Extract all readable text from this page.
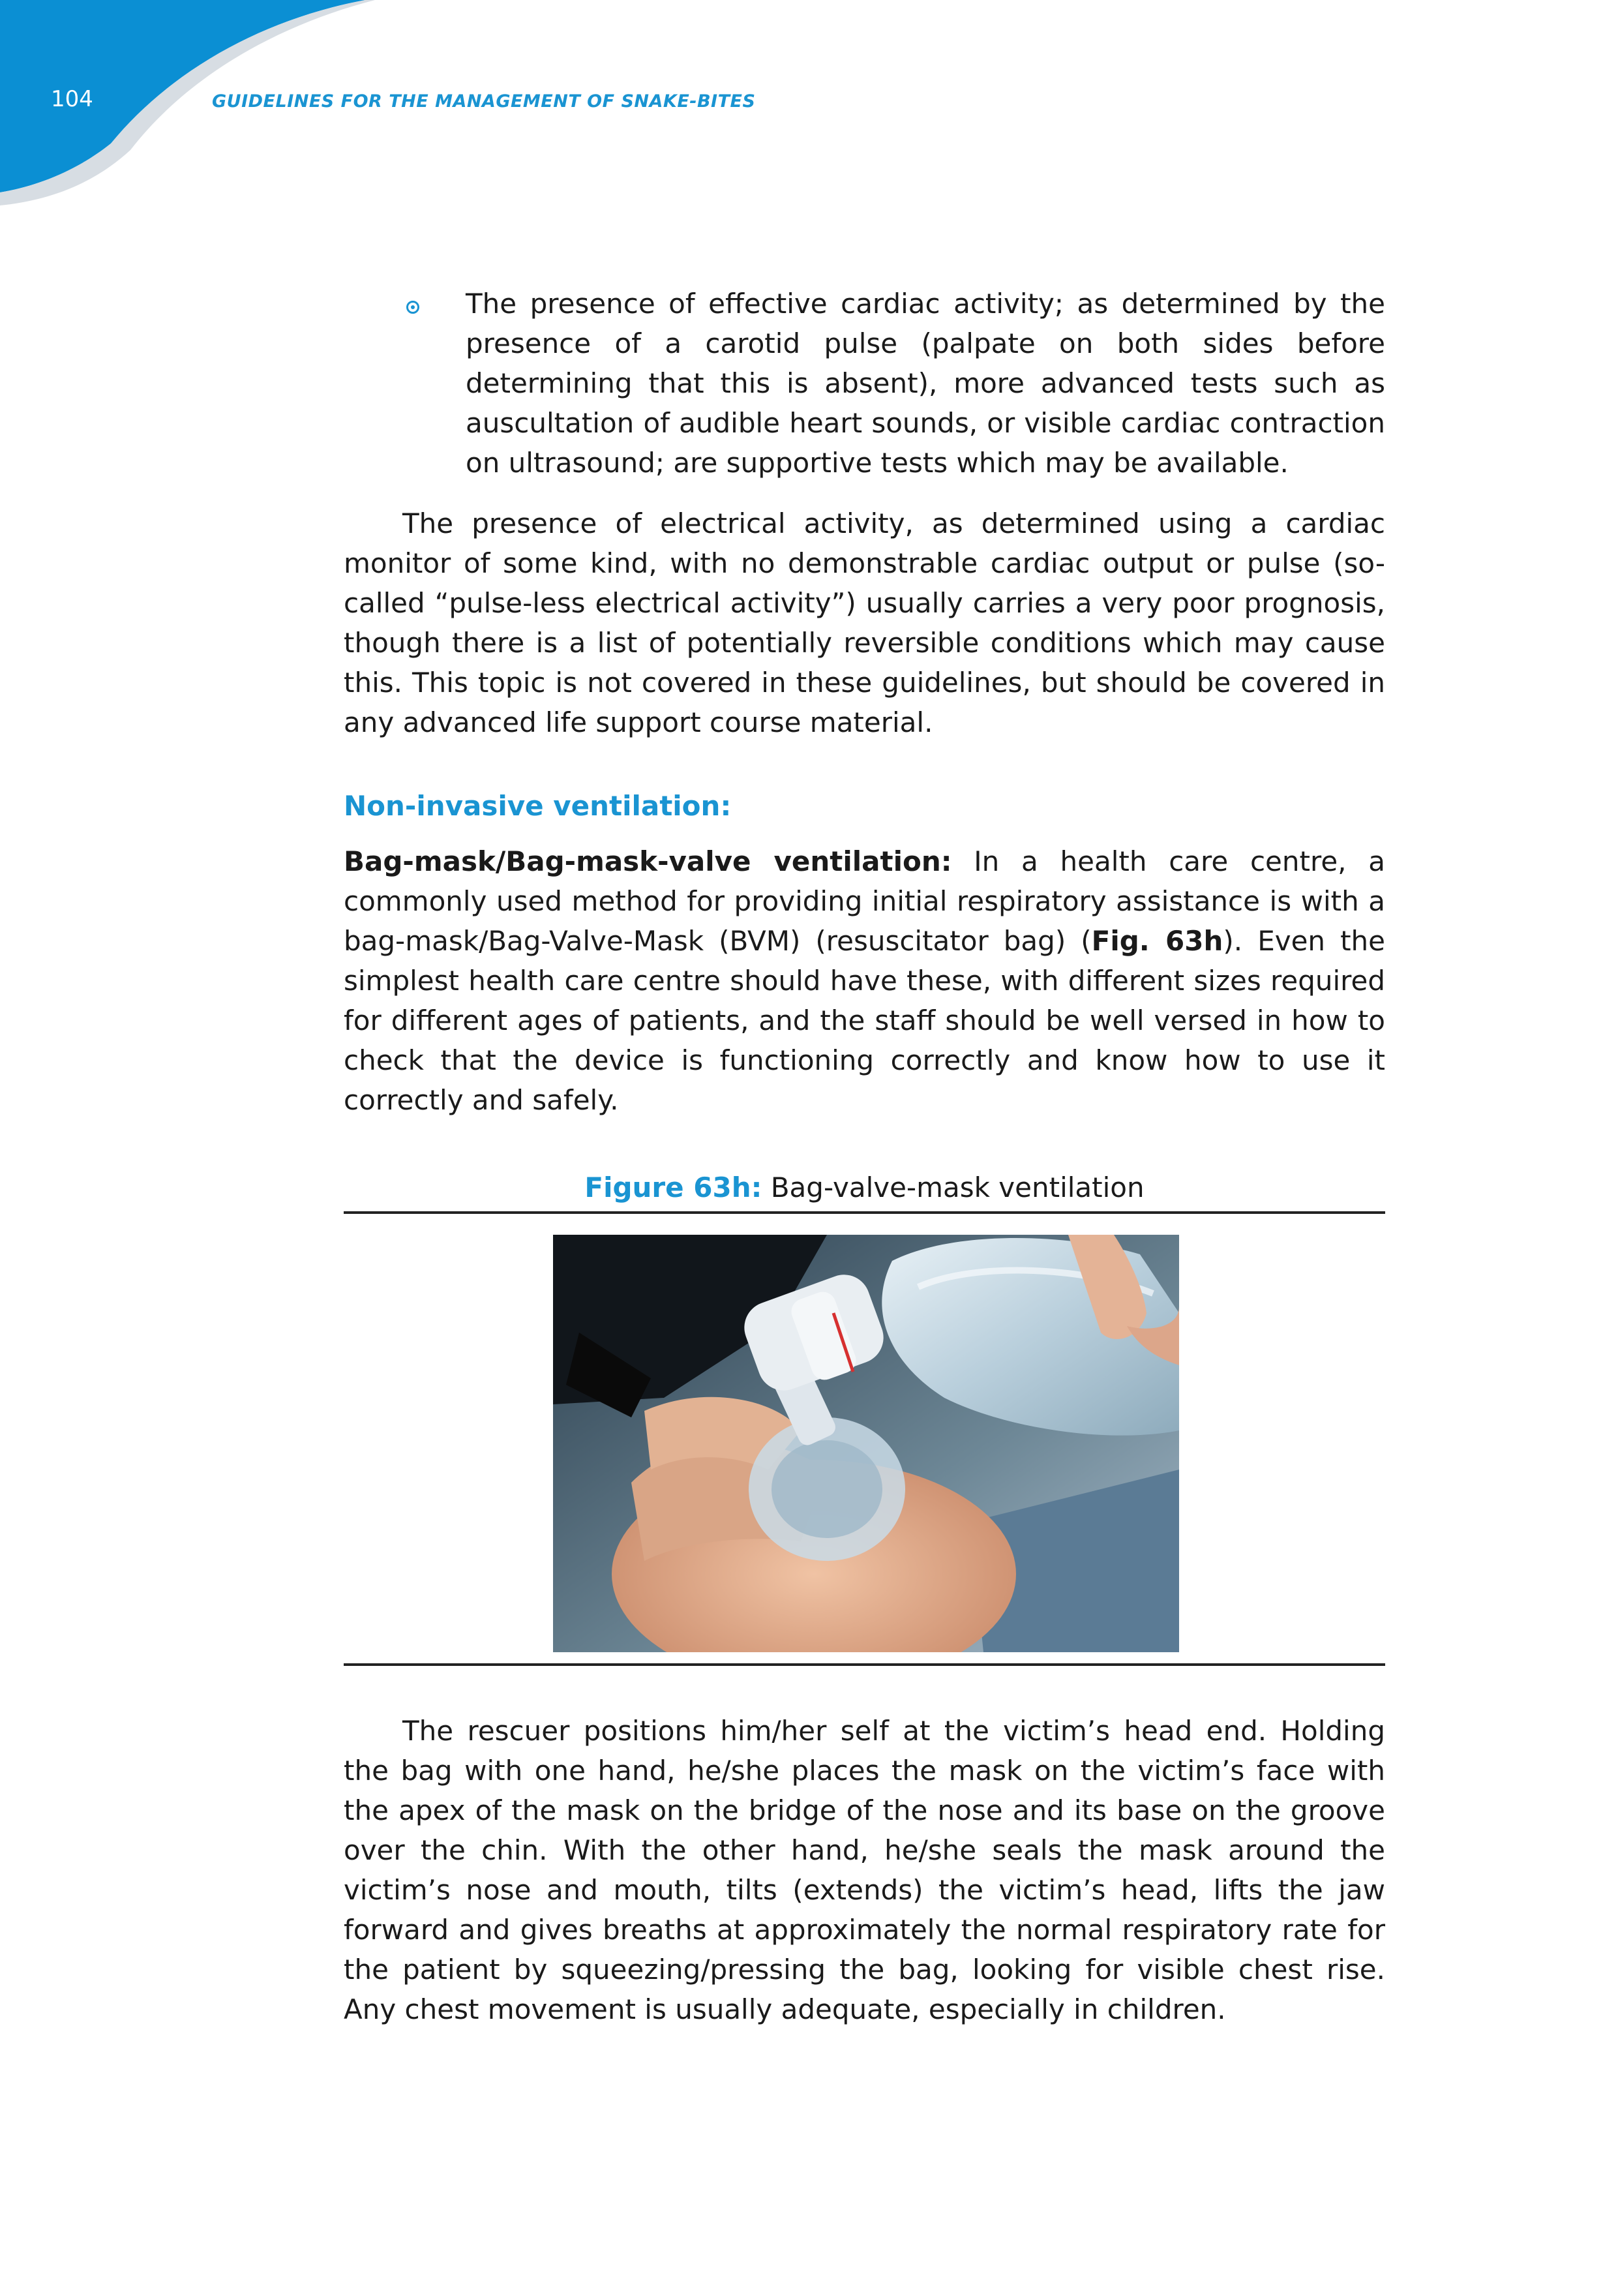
104	GUIDELINES FOR THE MANAGEMENT OF SNAKE-BITES

The presence of effective cardiac activity; as determined by the presence of a carotid pulse (palpate on both sides before determining that this is absent), more advanced tests such as auscultation of audible heart sounds, or visible cardiac contraction on ultrasound; are supportive tests which may be available.

The presence of electrical activity, as determined using a cardiac monitor of some kind, with no demonstrable cardiac output or pulse (so-called “pulse-less electrical activity”) usually carries a very poor prognosis, though there is a list of potentially reversible conditions which may cause this. This topic is not covered in these guidelines, but should be covered in any advanced life support course material.

Non-invasive ventilation:

Bag-mask/Bag-mask-valve ventilation: In a health care centre, a commonly used method for providing initial respiratory assistance is with a bag-mask/Bag-Valve-Mask (BVM) (resuscitator bag) (Fig. 63h). Even the simplest health care centre should have these, with different sizes required for different ages of patients, and the staff should be well versed in how to check that the device is functioning correctly and know how to use it correctly and safely.

Figure 63h: Bag-valve-mask ventilation

The rescuer positions him/her self at the victim’s head end. Holding the bag with one hand, he/she places the mask on the victim’s face with the apex of the mask on the bridge of the nose and its base on the groove over the chin. With the other hand, he/she seals the mask around the victim’s nose and mouth, tilts (extends) the victim’s head, lifts the jaw forward and gives breaths at approximately the normal respiratory rate for the patient by squeezing/pressing the bag, looking for visible chest rise. Any chest movement is usually adequate, especially in children.
